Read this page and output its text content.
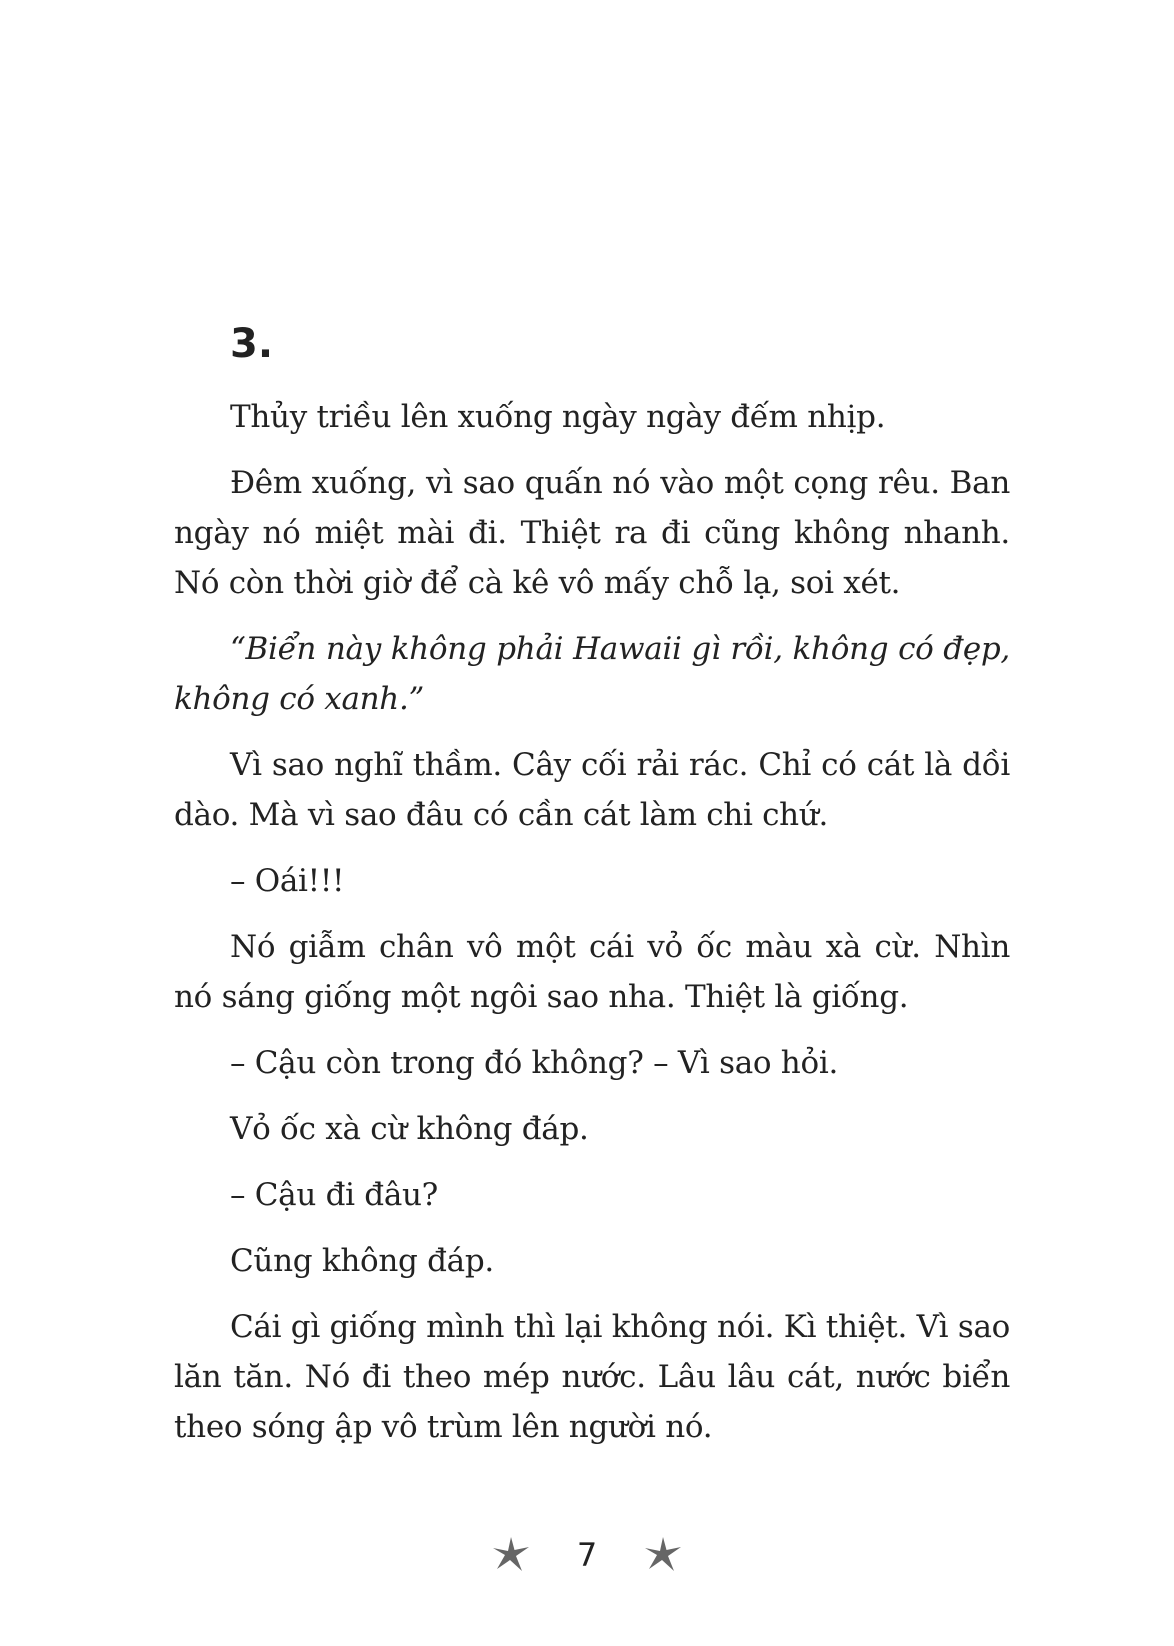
3.

Thủy triều lên xuống ngày ngày đếm nhịp.

Đêm xuống, vì sao quấn nó vào một cọng rêu. Ban ngày nó miệt mài đi. Thiệt ra đi cũng không nhanh. Nó còn thời giờ để cà kê vô mấy chỗ lạ, soi xét.

“Biển này không phải Hawaii gì rồi, không có đẹp, không có xanh.”

Vì sao nghĩ thầm. Cây cối rải rác. Chỉ có cát là dồi dào. Mà vì sao đâu có cần cát làm chi chứ.

– Oái!!!

Nó giẫm chân vô một cái vỏ ốc màu xà cừ. Nhìn nó sáng giống một ngôi sao nha. Thiệt là giống.

– Cậu còn trong đó không? – Vì sao hỏi.

Vỏ ốc xà cừ không đáp.

– Cậu đi đâu?

Cũng không đáp.

Cái gì giống mình thì lại không nói. Kì thiệt. Vì sao lăn tăn. Nó đi theo mép nước. Lâu lâu cát, nước biển theo sóng ập vô trùm lên người nó.

7
